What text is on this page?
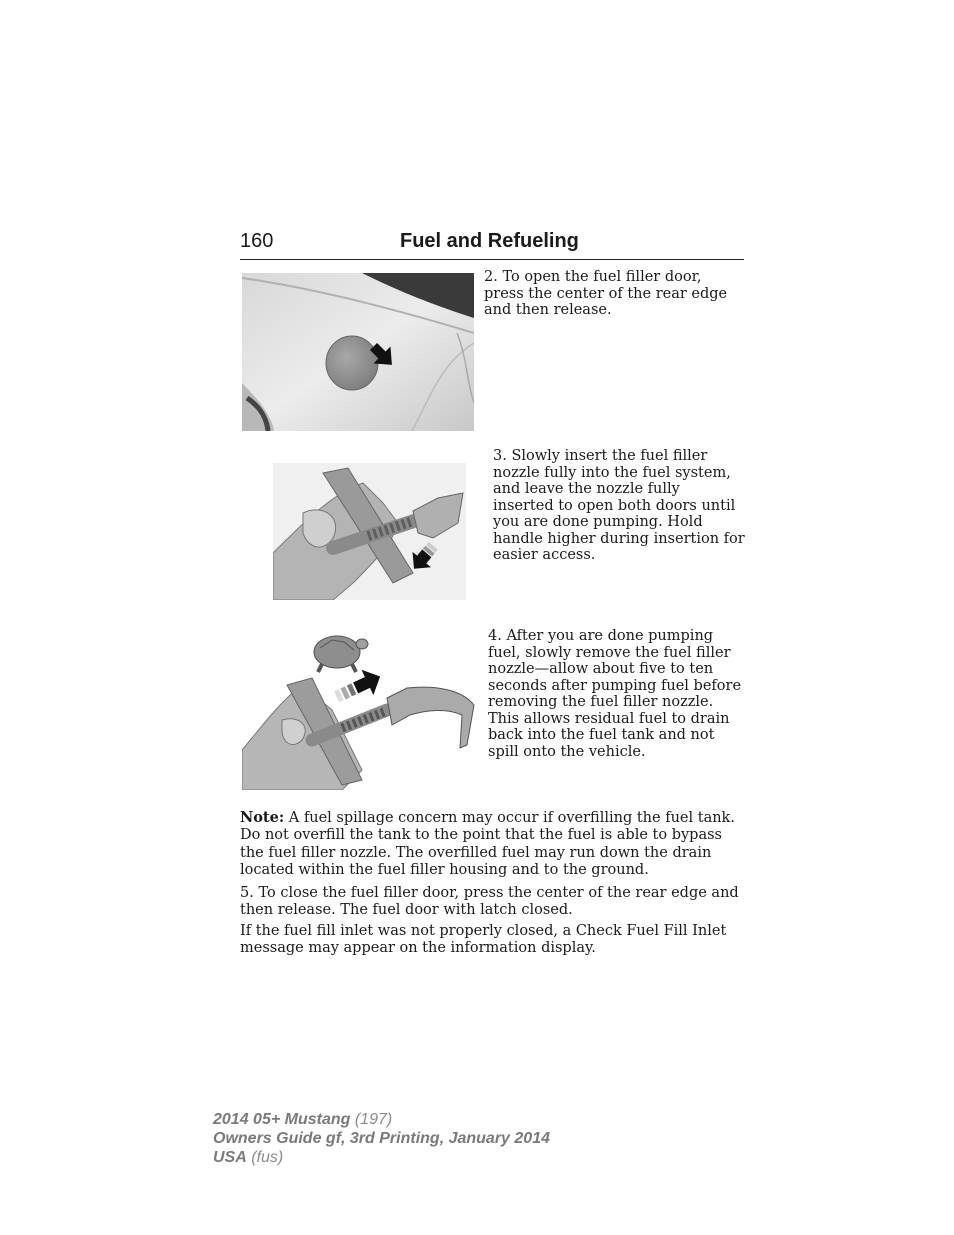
160	Fuel and Refueling
2. To open the fuel filler door, press the center of the rear edge and then release.
3. Slowly insert the fuel filler nozzle fully into the fuel system, and leave the nozzle fully inserted to open both doors until you are done pumping. Hold handle higher during insertion for easier access.
4. After you are done pumping fuel, slowly remove the fuel filler nozzle—allow about five to ten seconds after pumping fuel before removing the fuel filler nozzle. This allows residual fuel to drain back into the fuel tank and not spill onto the vehicle.
Note: A fuel spillage concern may occur if overfilling the fuel tank. Do not overfill the tank to the point that the fuel is able to bypass the fuel filler nozzle. The overfilled fuel may run down the drain located within the fuel filler housing and to the ground.
5. To close the fuel filler door, press the center of the rear edge and then release. The fuel door with latch closed.
If the fuel fill inlet was not properly closed, a Check Fuel Fill Inlet message may appear on the information display.
2014 05+ Mustang (197)
Owners Guide gf, 3rd Printing, January 2014
USA (fus)
